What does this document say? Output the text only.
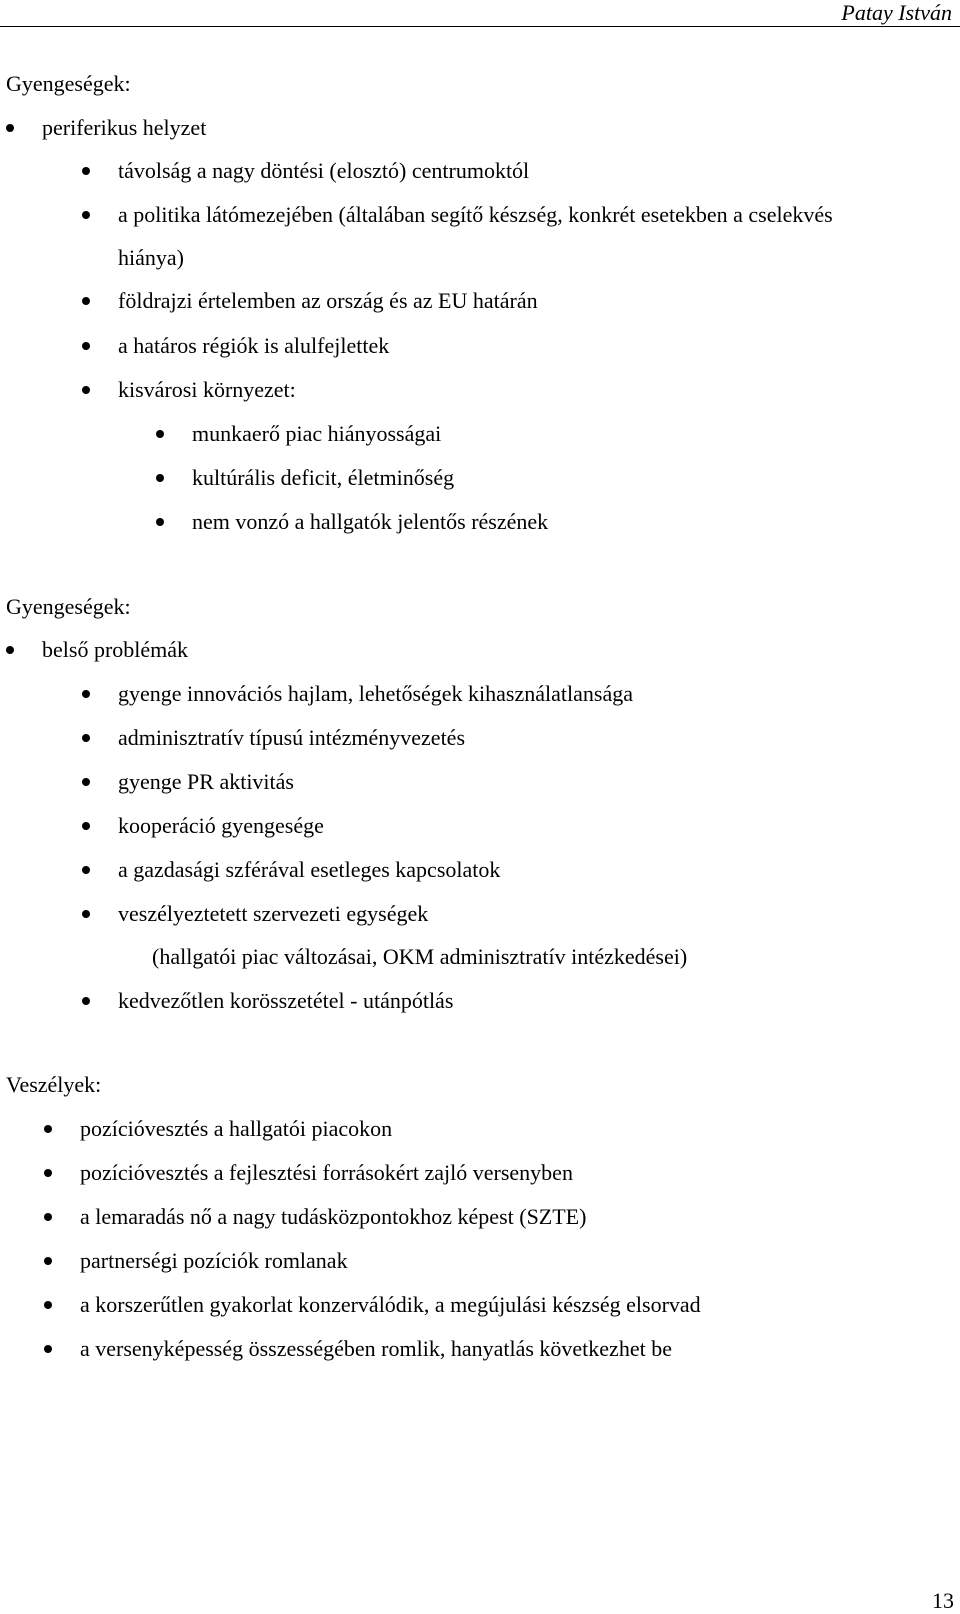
Patay István
Gyengeségek:
periferikus helyzet
távolság a nagy döntési (elosztó) centrumoktól
a politika látómezejében (általában segítő készség, konkrét esetekben a cselekvés
hiánya)
földrajzi értelemben az ország és az EU határán
a határos régiók is alulfejlettek
kisvárosi környezet:
munkaerő piac hiányosságai
kultúrális deficit, életminőség
nem vonzó a hallgatók jelentős részének
Gyengeségek:
belső problémák
gyenge innovációs hajlam, lehetőségek kihasználatlansága
adminisztratív típusú intézményvezetés
gyenge PR aktivitás
kooperáció gyengesége
a gazdasági szférával esetleges kapcsolatok
veszélyeztetett szervezeti egységek
(hallgatói piac változásai, OKM adminisztratív intézkedései)
kedvezőtlen korösszetétel - utánpótlás
Veszélyek:
pozícióvesztés a hallgatói piacokon
pozícióvesztés a fejlesztési forrásokért zajló versenyben
a lemaradás nő a nagy tudásközpontokhoz képest (SZTE)
partnerségi pozíciók romlanak
a korszerűtlen gyakorlat konzerválódik, a megújulási készség elsorvad
a versenyképesség összességében romlik, hanyatlás következhet be
13
